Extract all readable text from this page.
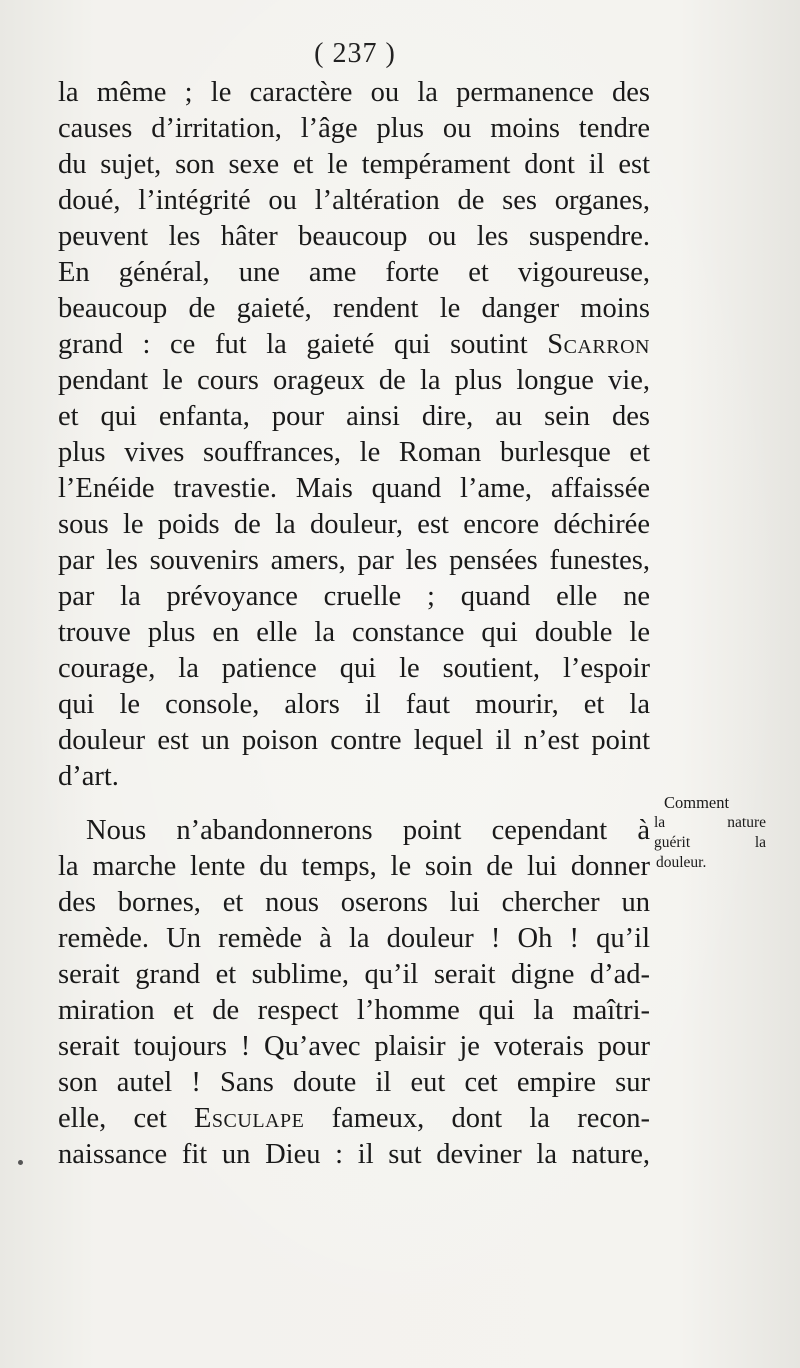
( 237 )
la même ; le caractère ou la permanence des
causes d’irritation, l’âge plus ou moins tendre
du sujet, son sexe et le tempérament dont il est
doué, l’intégrité ou l’altération de ses organes,
peuvent les hâter beaucoup ou les suspendre.
En général, une ame forte et vigoureuse,
beaucoup de gaieté, rendent le danger moins
grand : ce fut la gaieté qui soutint Scarron
pendant le cours orageux de la plus longue vie,
et qui enfanta, pour ainsi dire, au sein des
plus vives souffrances, le Roman burlesque et
l’Enéide travestie. Mais quand l’ame, affaissée
sous le poids de la douleur, est encore déchirée
par les souvenirs amers, par les pensées funestes,
par la prévoyance cruelle ; quand elle ne
trouve plus en elle la constance qui double le
courage, la patience qui le soutient, l’espoir
qui le console, alors il faut mourir, et la
douleur est un poison contre lequel il n’est point
d’art.
Nous n’abandonnerons point cependant à
la marche lente du temps, le soin de lui donner
des bornes, et nous oserons lui chercher un
remède. Un remède à la douleur ! Oh ! qu’il
serait grand et sublime, qu’il serait digne d’ad-
miration et de respect l’homme qui la maîtri-
serait toujours ! Qu’avec plaisir je voterais pour
son autel ! Sans doute il eut cet empire sur
elle, cet Esculape fameux, dont la recon-
naissance fit un Dieu : il sut deviner la nature,
Comment
la	nature
guérit	la
douleur.
